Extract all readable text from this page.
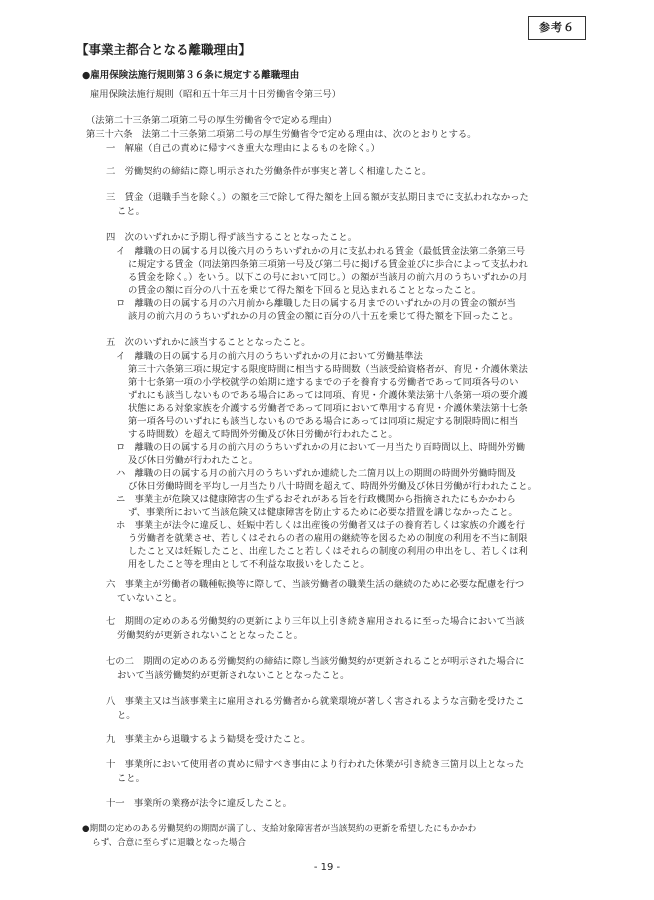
参考６
【事業主都合となる離職理由】
●雇用保険法施行規則第３６条に規定する離職理由
雇用保険法施行規則（昭和五十年三月十日労働省令第三号）
（法第二十三条第二項第二号の厚生労働省令で定める理由）
第三十六条　法第二十三条第二項第二号の厚生労働省令で定める理由は、次のとおりとする。
一　解雇（自己の責めに帰すべき重大な理由によるものを除く。）
二　労働契約の締結に際し明示された労働条件が事実と著しく相違したこと。
三　賃金（退職手当を除く。）の額を三で除して得た額を上回る額が支払期日までに支払われなかった
こと。
四　次のいずれかに予期し得ず該当することとなったこと。
イ　離職の日の属する月以後六月のうちいずれかの月に支払われる賃金（最低賃金法第二条第三号
に規定する賃金（同法第四条第三項第一号及び第二号に掲げる賃金並びに歩合によって支払われ
る賃金を除く。）をいう。以下この号において同じ。）の額が当該月の前六月のうちいずれかの月
の賃金の額に百分の八十五を乗じて得た額を下回ると見込まれることとなったこと。
ロ　離職の日の属する月の六月前から離職した日の属する月までのいずれかの月の賃金の額が当
該月の前六月のうちいずれかの月の賃金の額に百分の八十五を乗じて得た額を下回ったこと。
五　次のいずれかに該当することとなったこと。
イ　離職の日の属する月の前六月のうちいずれかの月において労働基準法
第三十六条第三項に規定する限度時間に相当する時間数（当該受給資格者が、育児・介護休業法
第十七条第一項の小学校就学の始期に達するまでの子を養育する労働者であって同項各号のい
ずれにも該当しないものである場合にあっては同項、育児・介護休業法第十八条第一項の要介護
状態にある対象家族を介護する労働者であって同項において準用する育児・介護休業法第十七条
第一項各号のいずれにも該当しないものである場合にあっては同項に規定する制限時間に相当
する時間数）を超えて時間外労働及び休日労働が行われたこと。
ロ　離職の日の属する月の前六月のうちいずれかの月において一月当たり百時間以上、時間外労働
及び休日労働が行われたこと。
ハ　離職の日の属する月の前六月のうちいずれか連続した二箇月以上の期間の時間外労働時間及
び休日労働時間を平均し一月当たり八十時間を超えて、時間外労働及び休日労働が行われたこと。
ニ　事業主が危険又は健康障害の生ずるおそれがある旨を行政機関から指摘されたにもかかわら
ず、事業所において当該危険又は健康障害を防止するために必要な措置を講じなかったこと。
ホ　事業主が法令に違反し、妊娠中若しくは出産後の労働者又は子の養育若しくは家族の介護を行
う労働者を就業させ、若しくはそれらの者の雇用の継続等を図るための制度の利用を不当に制限
したこと又は妊娠したこと、出産したこと若しくはそれらの制度の利用の申出をし、若しくは利
用をしたこと等を理由として不利益な取扱いをしたこと。
六　事業主が労働者の職種転換等に際して、当該労働者の職業生活の継続のために必要な配慮を行つ
ていないこと。
七　期間の定めのある労働契約の更新により三年以上引き続き雇用されるに至った場合において当該
労働契約が更新されないこととなったこと。
七の二　期間の定めのある労働契約の締結に際し当該労働契約が更新されることが明示された場合に
おいて当該労働契約が更新されないこととなったこと。
八　事業主又は当該事業主に雇用される労働者から就業環境が著しく害されるような言動を受けたこ
と。
九　事業主から退職するよう勧奨を受けたこと。
十　事業所において使用者の責めに帰すべき事由により行われた休業が引き続き三箇月以上となった
こと。
十一　事業所の業務が法令に違反したこと。
●期間の定めのある労働契約の期間が満了し、支給対象障害者が当該契約の更新を希望したにもかかわ
らず、合意に至らずに退職となった場合
- 19 -
